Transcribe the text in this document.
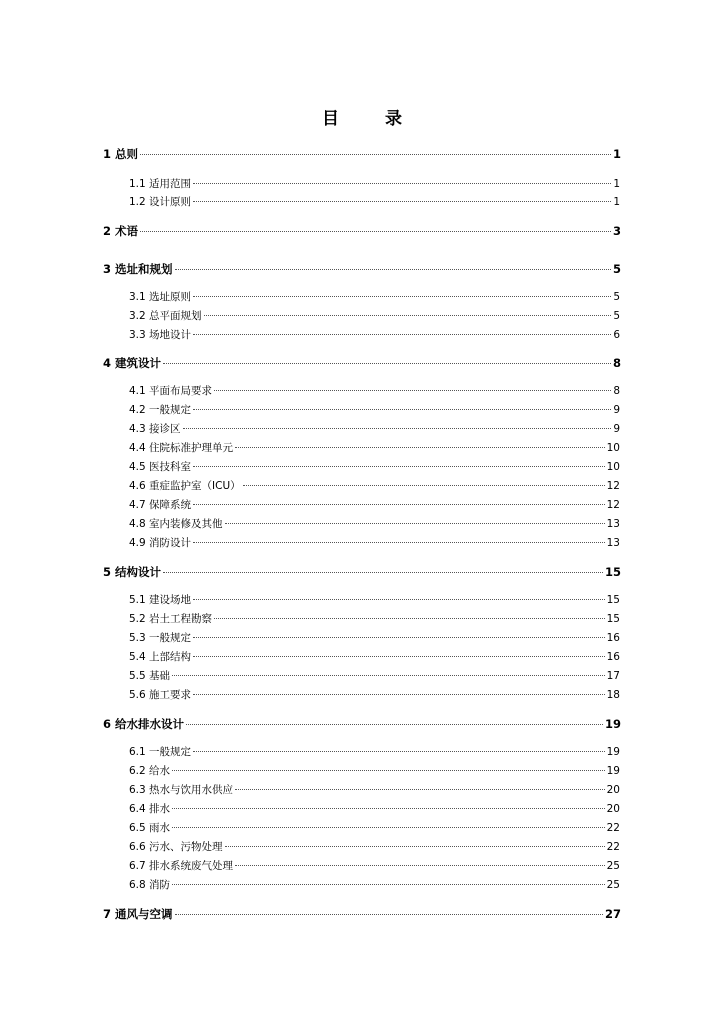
目 录
1 总则	1
1.1 适用范围	1
1.2 设计原则	1
2 术语	3
3 选址和规划	5
3.1 选址原则	5
3.2 总平面规划	5
3.3 场地设计	6
4 建筑设计	8
4.1 平面布局要求	8
4.2 一般规定	9
4.3 接诊区	9
4.4 住院标准护理单元	10
4.5 医技科室	10
4.6 重症监护室（ICU）	12
4.7 保障系统	12
4.8 室内装修及其他	13
4.9 消防设计	13
5 结构设计	15
5.1 建设场地	15
5.2 岩土工程勘察	15
5.3 一般规定	16
5.4 上部结构	16
5.5 基础	17
5.6 施工要求	18
6 给水排水设计	19
6.1 一般规定	19
6.2 给水	19
6.3 热水与饮用水供应	20
6.4 排水	20
6.5 雨水	22
6.6 污水、污物处理	22
6.7 排水系统废气处理	25
6.8 消防	25
7 通风与空调	27
